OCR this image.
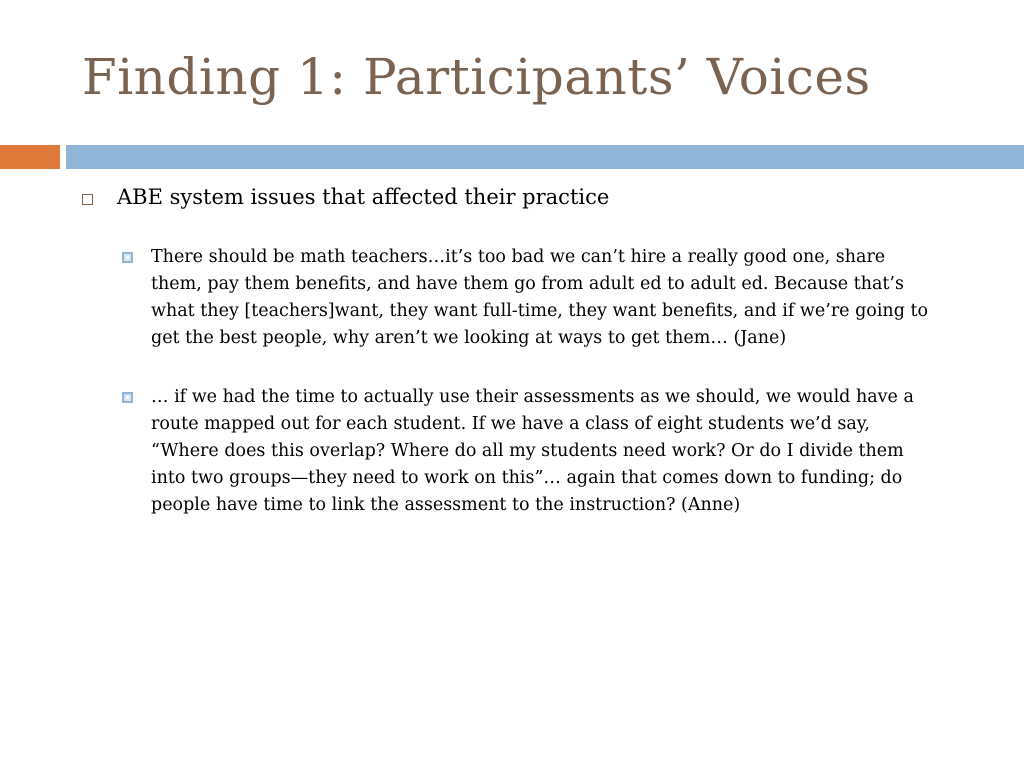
Finding 1: Participants’ Voices
ABE system issues that affected their practice

There should be math teachers…it’s too bad we can’t hire a really good one, share them, pay them benefits, and have them go from adult ed to adult ed. Because that’s what they [teachers]want, they want full-time, they want benefits, and if we’re going to get the best people, why aren’t we looking at ways to get them… (Jane)

… if we had the time to actually use their assessments as we should, we would have a route mapped out for each student. If we have a class of eight students we’d say, “Where does this overlap? Where do all my students need work? Or do I divide them into two groups—they need to work on this”… again that comes down to funding; do people have time to link the assessment to the instruction? (Anne)
